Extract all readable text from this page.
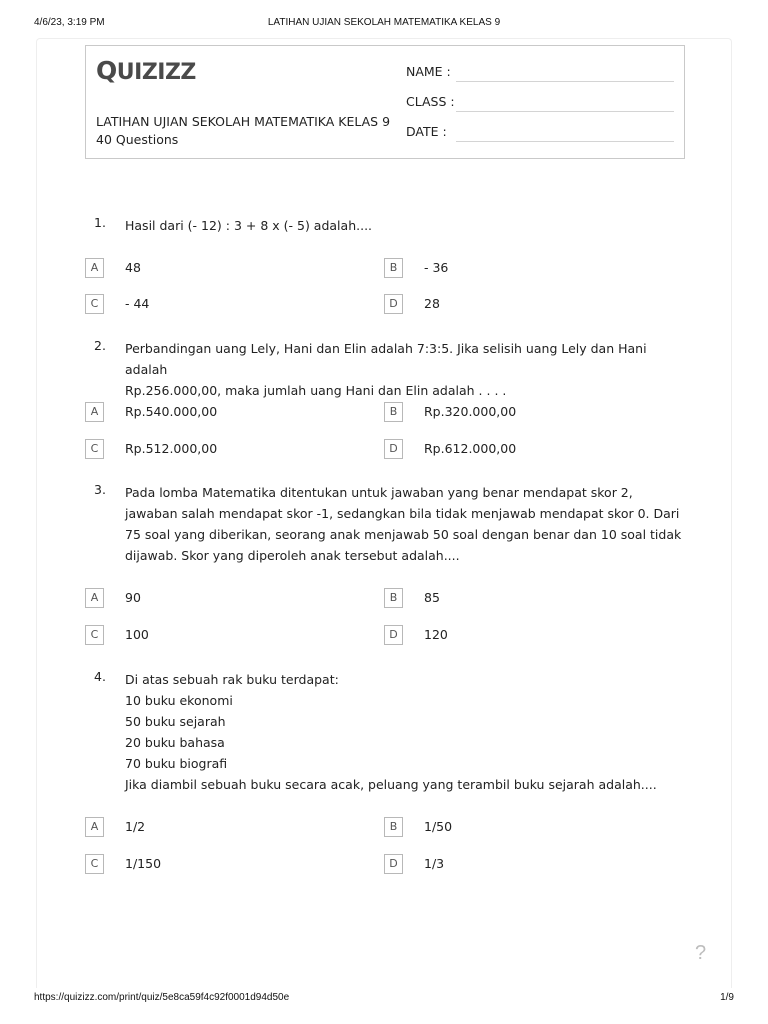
4/6/23, 3:19 PM	LATIHAN UJIAN SEKOLAH MATEMATIKA KELAS 9
QUIZIZZ
LATIHAN UJIAN SEKOLAH MATEMATIKA KELAS 9
40 Questions
NAME :
CLASS :
DATE :
1. Hasil dari (- 12) : 3 + 8 x (- 5) adalah....
A	48	B	- 36
C	- 44	D	28
2. Perbandingan uang Lely, Hani dan Elin adalah 7:3:5. Jika selisih uang Lely dan Hani adalah
Rp.256.000,00, maka jumlah uang Hani dan Elin adalah . . . .
A	Rp.540.000,00	B	Rp.320.000,00
C	Rp.512.000,00	D	Rp.612.000,00
3. Pada lomba Matematika ditentukan untuk jawaban yang benar mendapat skor 2,
jawaban salah mendapat skor -1, sedangkan bila tidak menjawab mendapat skor 0. Dari
75 soal yang diberikan, seorang anak menjawab 50 soal dengan benar dan 10 soal tidak
dijawab. Skor yang diperoleh anak tersebut adalah....
A	90	B	85
C	100	D	120
4. Di atas sebuah rak buku terdapat:
10 buku ekonomi
50 buku sejarah
20 buku bahasa
70 buku biografi
Jika diambil sebuah buku secara acak, peluang yang terambil buku sejarah adalah....
A	1/2	B	1/50
C	1/150	D	1/3
?
https://quizizz.com/print/quiz/5e8ca59f4c92f0001d94d50e	1/9
